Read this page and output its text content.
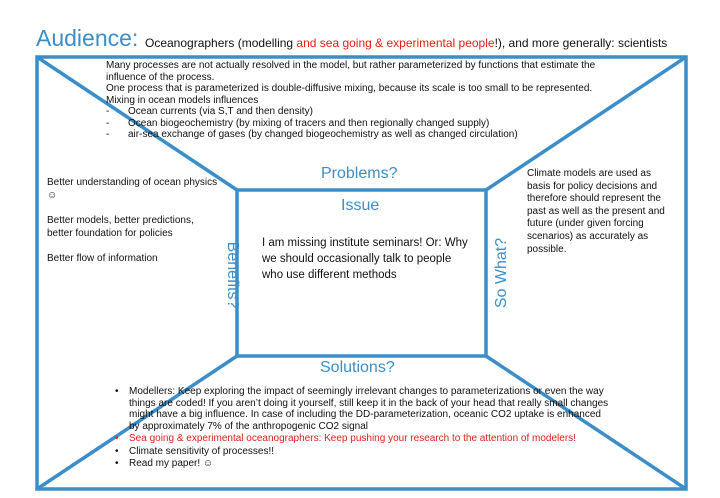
Audience: Oceanographers (modelling and sea going & experimental people!), and more generally: scientists
Many processes are not actually resolved in the model, but rather parameterized by functions that estimate the influence of the process.
One process that is parameterized is double-diffusive mixing, because its scale is too small to be represented.
Mixing in ocean models influences
-	Ocean currents (via S,T and then density)
-	Ocean biogeochemistry (by mixing of tracers and then regionally changed supply)
-	air-sea exchange of gases (by changed biogeochemistry as well as changed circulation)
Problems?
Issue
I am missing institute seminars! Or: Why we should occasionally talk to people who use different methods

Better understanding of ocean physics ☺

Better models, better predictions, better foundation for policies

Better flow of information	Benefits?	So What?
Climate models are used as basis for policy decisions and therefore should represent the past as well as the present and future (under given forcing scenarios) as accurately as possible.
Solutions?
•	Modellers: Keep exploring the impact of seemingly irrelevant changes to parameterizations or even the way things are coded! If you aren’t doing it yourself, still keep it in the back of your head that really small changes might have a big influence. In case of including the DD-parameterization, oceanic CO2 uptake is enhanced by approximately 7% of the anthropogenic CO2 signal
•	Sea going & experimental oceanographers: Keep pushing your research to the attention of modelers!
•	Climate sensitivity of processes!!
•	Read my paper! ☺
